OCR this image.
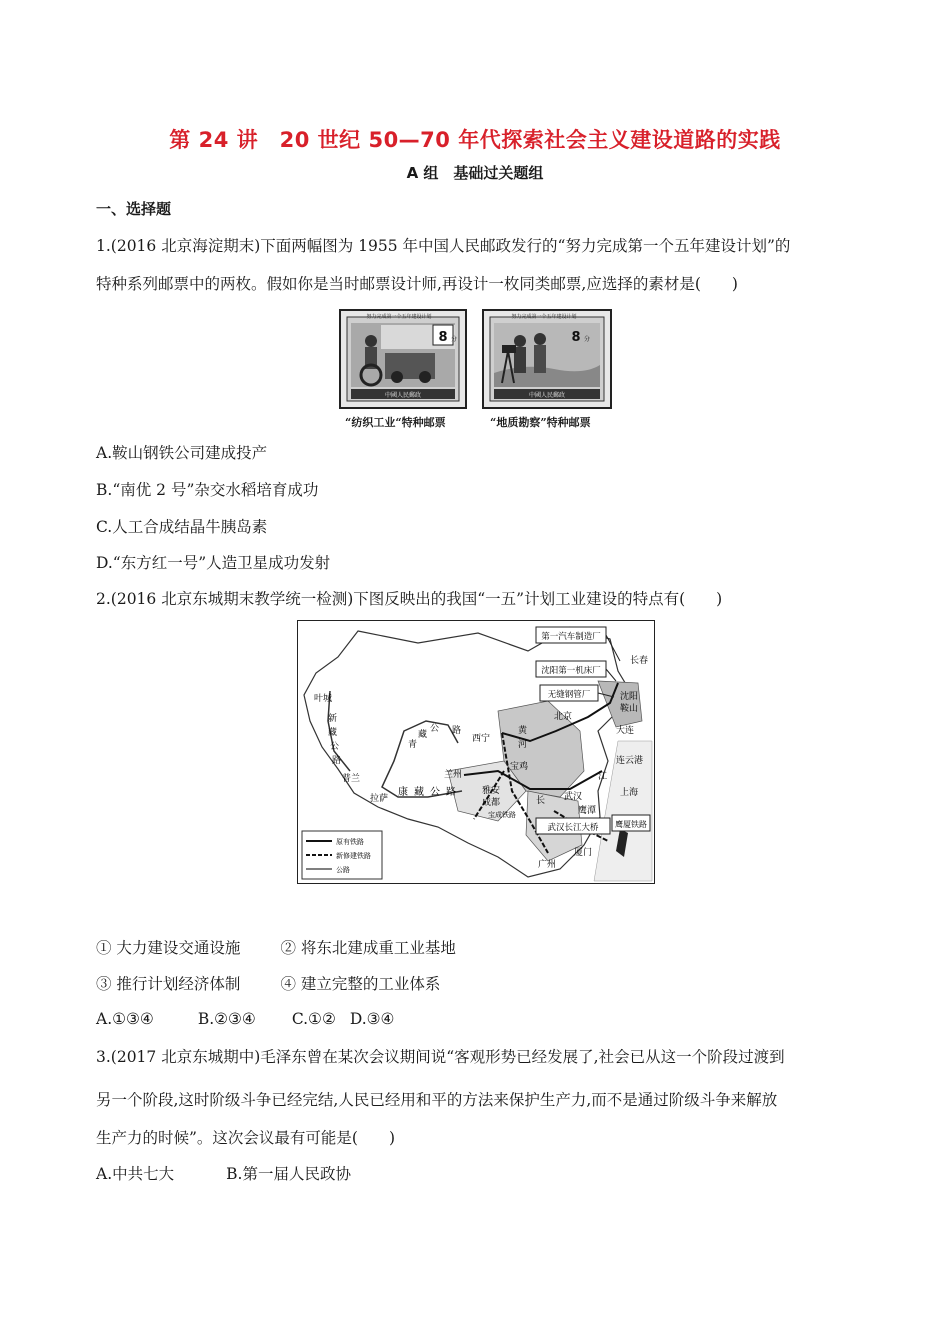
第 24 讲　20 世纪 50—70 年代探索社会主义建设道路的实践
A 组　基础过关题组
一、选择题
1.(2016 北京海淀期末)下面两幅图为 1955 年中国人民邮政发行的“努力完成第一个五年建设计划”的
特种系列邮票中的两枚。假如你是当时邮票设计师,再设计一枚同类邮票,应选择的素材是(　　)
努力完成第一个五年建设计划
8 分
中國人民郵政
努力完成第一个五年建设计划
8 分
中國人民郵政
“纺织工业“特种邮票	“地质勘察”特种邮票
A.鞍山钢铁公司建成投产
B.“南优 2 号”杂交水稻培育成功
C.人工合成结晶牛胰岛素
D.“东方红一号”人造卫星成功发射
2.(2016 北京东城期末教学统一检测)下图反映出的我国“一五”计划工业建设的特点有(　　)
第一汽车制造厂
沈阳第一机床厂
无缝钢管厂
武汉长江大桥 鹰厦铁路
长春
沈阳
鞍山
大连
北京
西宁
兰州
宝鸡
成都
雅安
拉萨
叶城
普兰
武汉
鹰潭
厦门
广州
上海
连云港
新
藏
公
路
青
藏
公 路
康 藏 公 路
宝成铁路
黄
河
长
江
原有铁路
新修建铁路
公路
① 大力建设交通设施	② 将东北建成重工业基地
③ 推行计划经济体制	④ 建立完整的工业体系
A.①③④	B.②③④ C.①② D.③④
3.(2017 北京东城期中)毛泽东曾在某次会议期间说“客观形势已经发展了,社会已从这一个阶段过渡到
另一个阶段,这时阶级斗争已经完结,人民已经用和平的方法来保护生产力,而不是通过阶级斗争来解放
生产力的时候”。这次会议最有可能是(　　)
A.中共七大	B.第一届人民政协
